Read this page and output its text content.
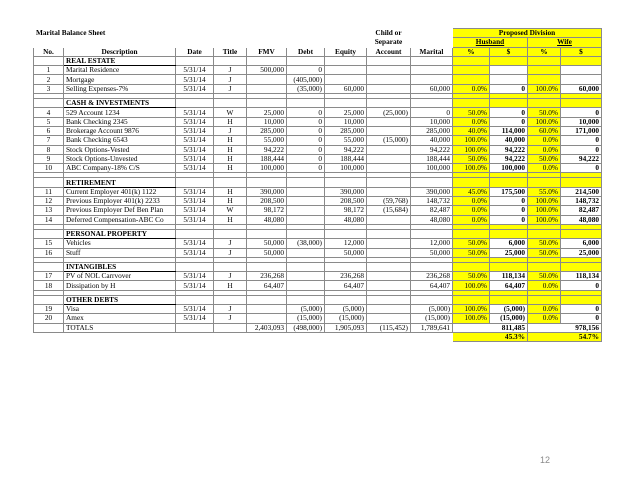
Marital Balance Sheet							Child or		Proposed Division			
							Separate		Husband		Wife	
No.	Description	Date	Title	FMV	Debt	Equity	Account	Marital	%	$	%	$
	REAL ESTATE											
1	Marital Residence	5/31/14	J	500,000	0							
2	Mortgage	5/31/14	J		(405,000)							
3	Selling Expenses-7%	5/31/14	J		(35,000)	60,000		60,000	0.0%	0	100.0%	60,000

	CASH & INVESTMENTS											
4	529 Account 1234	5/31/14	W	25,000	0	25,000	(25,000)	0	50.0%	0	50.0%	0
5	Bank Checking 2345	5/31/14	H	10,000	0	10,000		10,000	0.0%	0	100.0%	10,000
6	Brokerage Account 9876	5/31/14	J	285,000	0	285,000		285,000	40.0%	114,000	60.0%	171,000
7	Bank Checking 6543	5/31/14	H	55,000	0	55,000	(15,000)	40,000	100.0%	40,000	0.0%	0
8	Stock Options-Vested	5/31/14	H	94,222	0	94,222		94,222	100.0%	94,222	0.0%	0
9	Stock Options-Unvested	5/31/14	H	188,444	0	188,444		188,444	50.0%	94,222	50.0%	94,222
10	ABC Company-18% C/S	5/31/14	H	100,000	0	100,000		100,000	100.0%	100,000	0.0%	0

	RETIREMENT											
11	Current Employer 401(k) 1122	5/31/14	H	390,000		390,000		390,000	45.0%	175,500	55.0%	214,500
12	Previous Employer 401(k) 2233	5/31/14	H	208,500		208,500	(59,768)	148,732	0.0%	0	100.0%	148,732
13	Previous Employer Def Ben Plan	5/31/14	W	98,172		98,172	(15,684)	82,487	0.0%	0	100.0%	82,487
14	Deferred Compensation-ABC Co	5/31/14	H	48,080		48,080		48,080	0.0%	0	100.0%	48,080

	PERSONAL PROPERTY											
15	Vehicles	5/31/14	J	50,000	(38,000)	12,000		12,000	50.0%	6,000	50.0%	6,000
16	Stuff	5/31/14	J	50,000		50,000		50,000	50.0%	25,000	50.0%	25,000

	INTANGIBLES											
17	PV of NOL Carrvover	5/31/14	J	236,268		236,268		236,268	50.0%	118,134	50.0%	118,134
18	Dissipation by H	5/31/14	H	64,407		64,407		64,407	100.0%	64,407	0.0%	0

	OTHER DEBTS											
19	Visa	5/31/14	J		(5,000)	(5,000)		(5,000)	100.0%	(5,000)	0.0%	0
20	Amex	5/31/14	J		(15,000)	(15,000)		(15,000)	100.0%	(15,000)	0.0%	0
	TOTALS			2,403,093	(498,000)	1,905,093	(115,452)	1,789,641	811,485		978,156	
									45.3%		54.7%	
12
